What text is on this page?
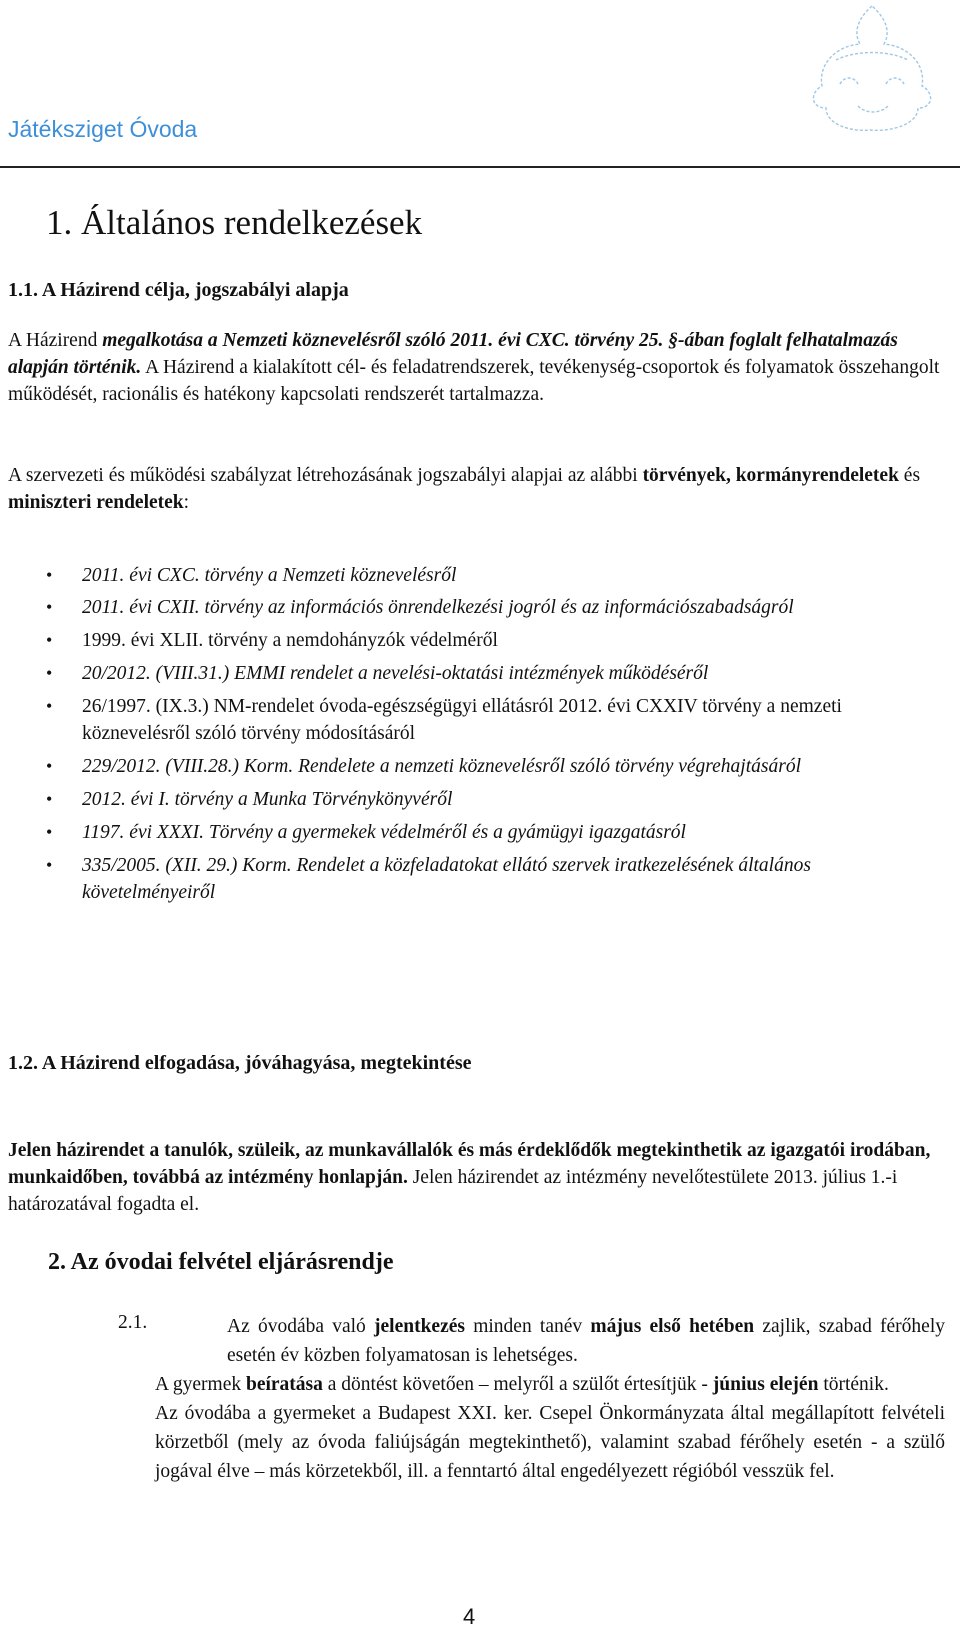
Játéksziget Óvoda
1. Általános rendelkezések
1.1. A Házirend célja, jogszabályi alapja

A Házirend megalkotása a Nemzeti köznevelésről szóló 2011. évi CXC. törvény 25. §-ában foglalt felhatalmazás alapján történik. A Házirend a kialakított cél- és feladatrendszerek, tevékenység-csoportok és folyamatok összehangolt működését, racionális és hatékony kapcsolati rendszerét tartalmazza.

A szervezeti és működési szabályzat létrehozásának jogszabályi alapjai az alábbi törvények, kormányrendeletek és miniszteri rendeletek:

• 2011. évi CXC. törvény a Nemzeti köznevelésről
• 2011. évi CXII. törvény az információs önrendelkezési jogról és az információszabadságról
• 1999. évi XLII. törvény a nemdohányzók védelméről
• 20/2012. (VIII.31.) EMMI rendelet a nevelési-oktatási intézmények működéséről
• 26/1997. (IX.3.) NM-rendelet óvoda-egészségügyi ellátásról 2012. évi CXXIV törvény a nemzeti köznevelésről szóló törvény módosításáról
• 229/2012. (VIII.28.) Korm. Rendelete a nemzeti köznevelésről szóló törvény végrehajtásáról
• 2012. évi I. törvény a Munka Törvénykönyvéről
• 1197. évi XXXI. Törvény a gyermekek védelméről és a gyámügyi igazgatásról
• 335/2005. (XII. 29.) Korm. Rendelet a közfeladatokat ellátó szervek iratkezelésének általános követelményeiről
1.2. A Házirend elfogadása, jóváhagyása, megtekintése

Jelen házirendet a tanulók, szüleik, az munkavállalók és más érdeklődők megtekinthetik az igazgatói irodában, munkaidőben, továbbá az intézmény honlapján. Jelen házirendet az intézmény nevelőtestülete 2013. július 1.-i határozatával fogadta el.

2. Az óvodai felvétel eljárásrendje
2.1.	Az óvodába való jelentkezés minden tanév május első hetében zajlik, szabad férőhely esetén év közben folyamatosan is lehetséges.
A gyermek beíratása a döntést követően – melyről a szülőt értesítjük - június elején történik.
Az óvodába a gyermeket a Budapest XXI. ker. Csepel Önkormányzata által megállapított felvételi körzetből (mely az óvoda faliújságán megtekinthető), valamint szabad férőhely esetén - a szülő jogával élve – más körzetekből, ill. a fenntartó által engedélyezett régióból vesszük fel.
4
